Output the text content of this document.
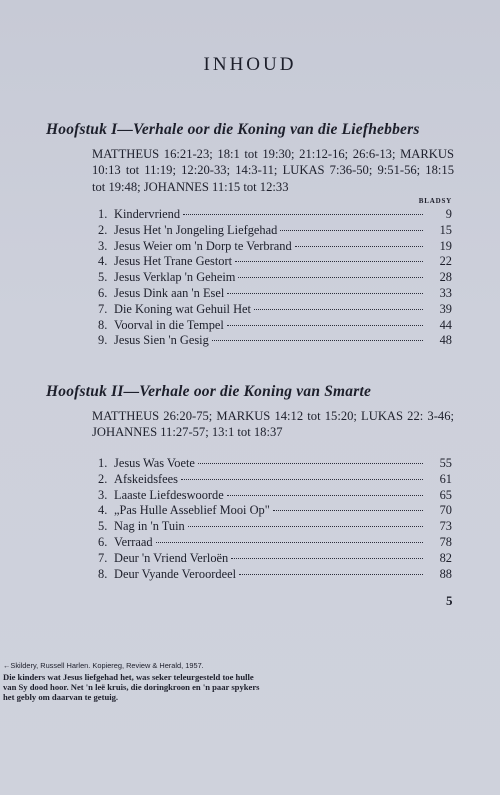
INHOUD
Hoofstuk I—Verhale oor die Koning van die Liefhebbers
MATTHEUS 16:21-23; 18:1 tot 19:30; 21:12-16; 26:6-13; MARKUS 10:13 tot 11:19; 12:20-33; 14:3-11; LUKAS 7:36-50; 9:51-56; 18:15 tot 19:48; JOHANNES 11:15 tot 12:33
BLADSY
1. Kindervriend	9
2. Jesus Het 'n Jongeling Liefgehad	15
3. Jesus Weier om 'n Dorp te Verbrand	19
4. Jesus Het Trane Gestort	22
5. Jesus Verklap 'n Geheim	28
6. Jesus Dink aan 'n Esel	33
7. Die Koning wat Gehuil Het	39
8. Voorval in die Tempel	44
9. Jesus Sien 'n Gesig	48
Hoofstuk II—Verhale oor die Koning van Smarte
MATTHEUS 26:20-75; MARKUS 14:12 tot 15:20; LUKAS 22: 3-46; JOHANNES 11:27-57; 13:1 tot 18:37
1. Jesus Was Voete	55
2. Afskeidsfees	61
3. Laaste Liefdeswoorde	65
4. „Pas Hulle Asseblief Mooi Op"	70
5. Nag in 'n Tuin	73
6. Verraad	78
7. Deur 'n Vriend Verloën	82
8. Deur Vyande Veroordeel	88
5
←Skildery, Russell Harlen. Kopiereg, Review & Herald, 1957.
Die kinders wat Jesus liefgehad het, was seker teleurgesteld toe hulle van Sy dood hoor. Net 'n leë kruis, die doringkroon en 'n paar spykers het gebly om daarvan te getuig.
